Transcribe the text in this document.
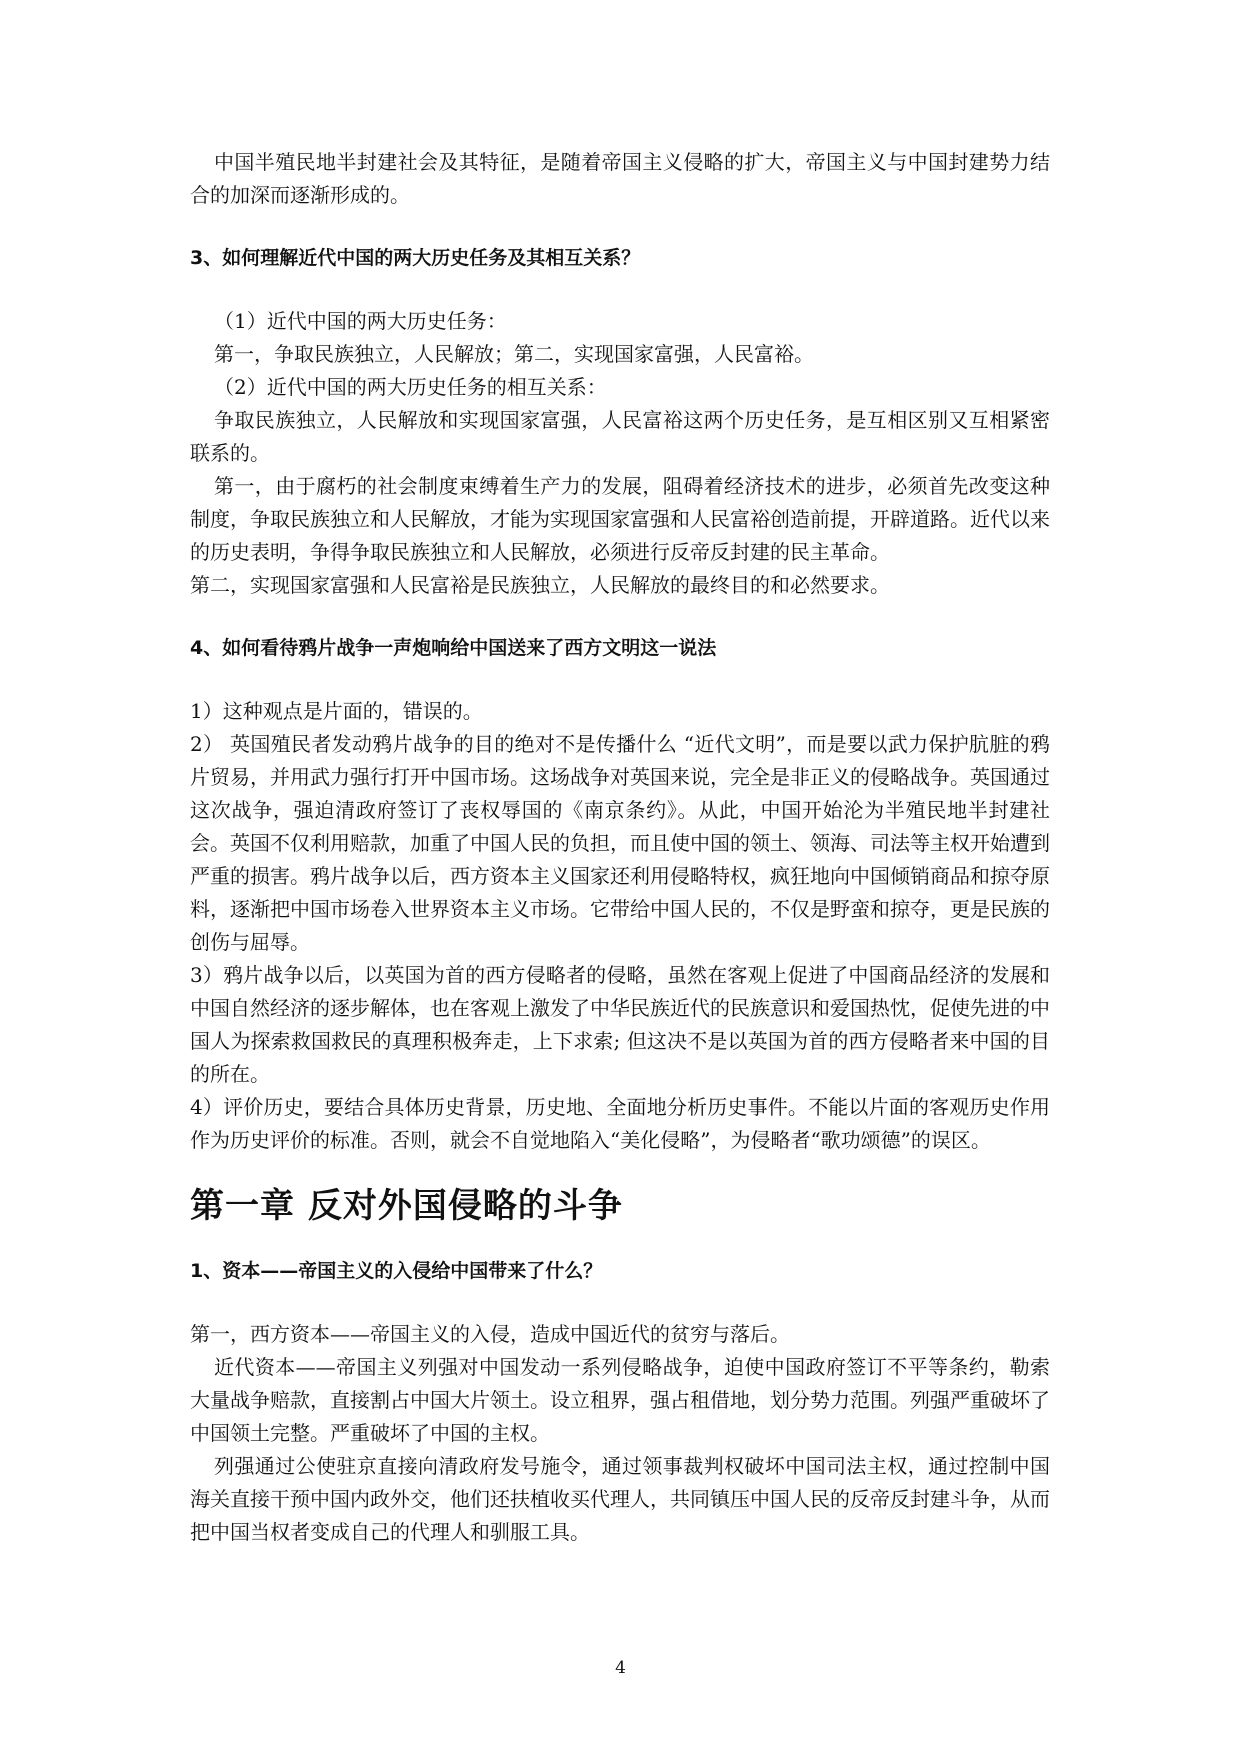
中国半殖民地半封建社会及其特征，是随着帝国主义侵略的扩大，帝国主义与中国封建势力结合的加深而逐渐形成的。

3、如何理解近代中国的两大历史任务及其相互关系？

（1）近代中国的两大历史任务：

第一，争取民族独立，人民解放；第二，实现国家富强，人民富裕。

（2）近代中国的两大历史任务的相互关系：

争取民族独立，人民解放和实现国家富强，人民富裕这两个历史任务，是互相区别又互相紧密联系的。

第一，由于腐朽的社会制度束缚着生产力的发展，阻碍着经济技术的进步，必须首先改变这种制度，争取民族独立和人民解放，才能为实现国家富强和人民富裕创造前提，开辟道路。近代以来的历史表明，争得争取民族独立和人民解放，必须进行反帝反封建的民主革命。

第二，实现国家富强和人民富裕是民族独立，人民解放的最终目的和必然要求。

4、如何看待鸦片战争一声炮响给中国送来了西方文明这一说法

1）这种观点是片面的，错误的。

2） 英国殖民者发动鸦片战争的目的绝对不是传播什么 “近代文明”，而是要以武力保护肮脏的鸦片贸易，并用武力强行打开中国市场。这场战争对英国来说，完全是非正义的侵略战争。英国通过这次战争，强迫清政府签订了丧权辱国的《南京条约》。从此，中国开始沦为半殖民地半封建社会。英国不仅利用赔款，加重了中国人民的负担，而且使中国的领土、领海、司法等主权开始遭到严重的损害。鸦片战争以后，西方资本主义国家还利用侵略特权，疯狂地向中国倾销商品和掠夺原料，逐渐把中国市场卷入世界资本主义市场。它带给中国人民的，不仅是野蛮和掠夺，更是民族的创伤与屈辱。

3）鸦片战争以后，以英国为首的西方侵略者的侵略，虽然在客观上促进了中国商品经济的发展和中国自然经济的逐步解体，也在客观上激发了中华民族近代的民族意识和爱国热忱，促使先进的中国人为探索救国救民的真理积极奔走，上下求索; 但这决不是以英国为首的西方侵略者来中国的目的所在。

4）评价历史，要结合具体历史背景，历史地、全面地分析历史事件。不能以片面的客观历史作用作为历史评价的标准。否则，就会不自觉地陷入“美化侵略”，为侵略者“歌功颂德”的误区。

第一章 反对外国侵略的斗争

1、资本——帝国主义的入侵给中国带来了什么？

第一，西方资本——帝国主义的入侵，造成中国近代的贫穷与落后。

近代资本——帝国主义列强对中国发动一系列侵略战争，迫使中国政府签订不平等条约，勒索大量战争赔款，直接割占中国大片领土。设立租界，强占租借地，划分势力范围。列强严重破坏了中国领土完整。严重破坏了中国的主权。

列强通过公使驻京直接向清政府发号施令，通过领事裁判权破坏中国司法主权，通过控制中国海关直接干预中国内政外交，他们还扶植收买代理人，共同镇压中国人民的反帝反封建斗争，从而把中国当权者变成自己的代理人和驯服工具。

4
